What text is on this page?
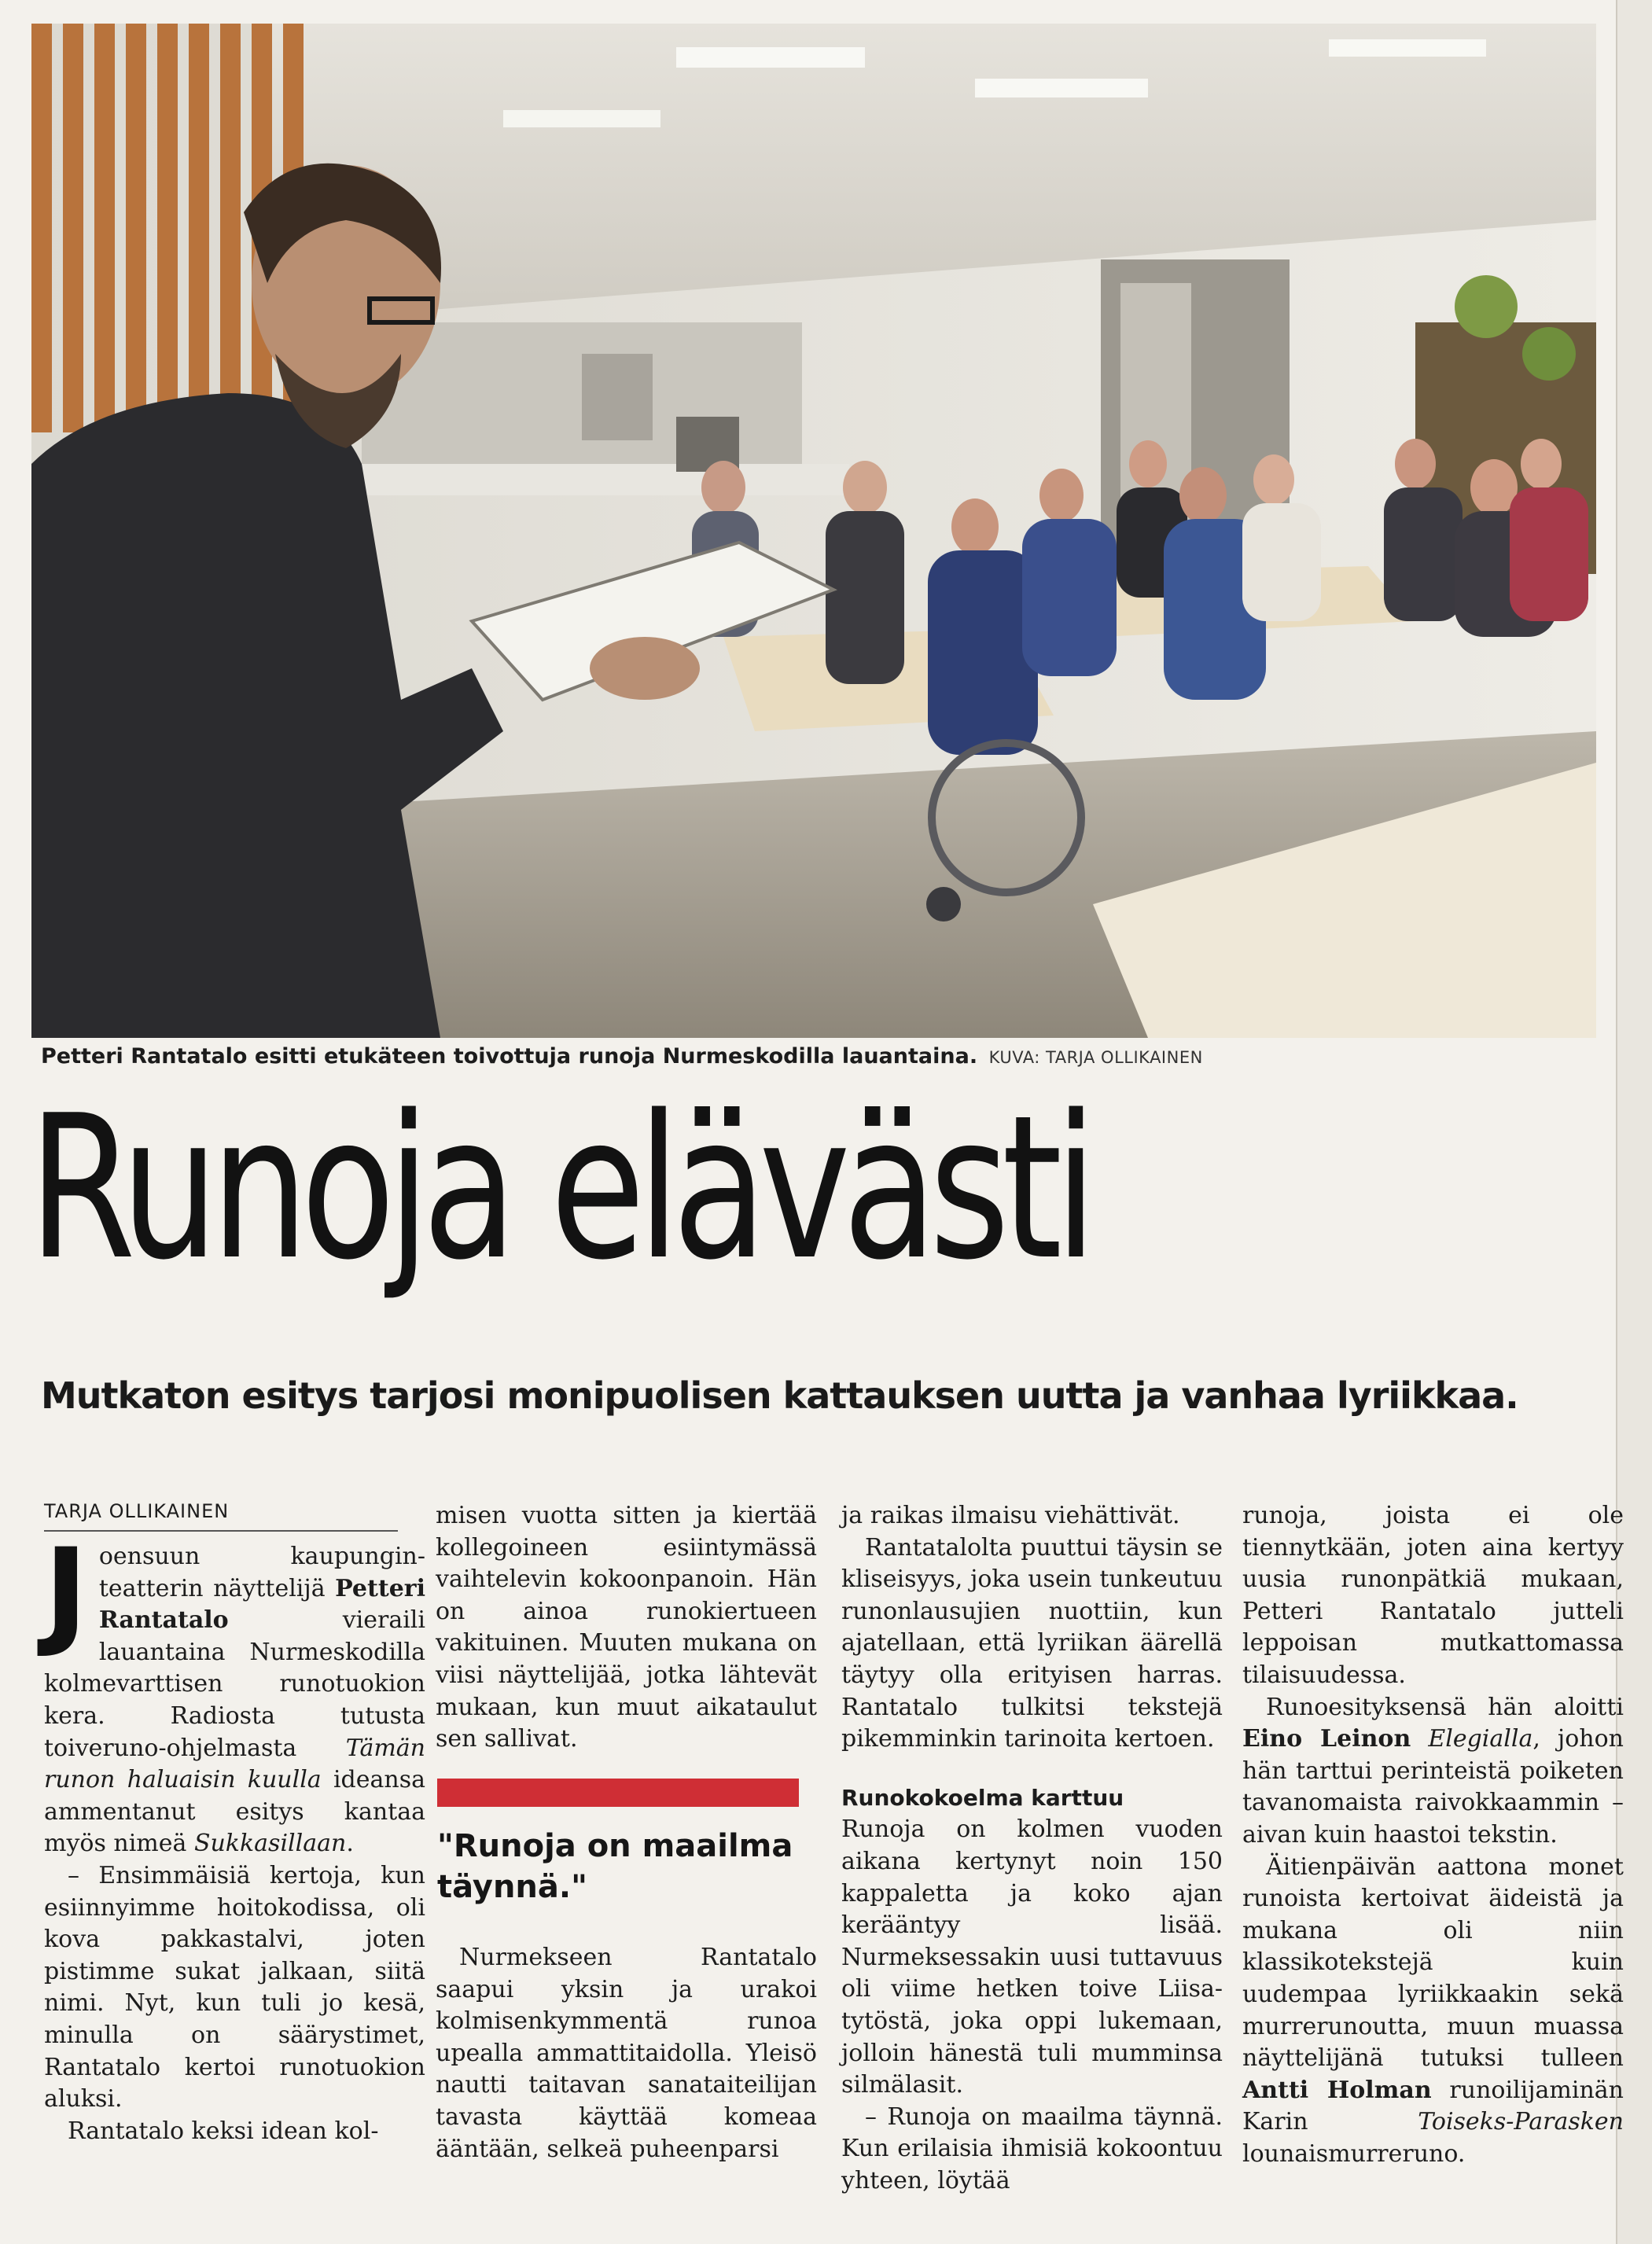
Petteri Rantatalo esitti etukäteen toivottuja runoja Nurmeskodilla lauantaina. KUVA: TARJA OLLIKAINEN
Runoja elävästi
Mutkaton esitys tarjosi monipuolisen kattauksen uutta ja vanhaa lyriikkaa.
TARJA OLLIKAINEN

Joensuun kaupungin-teatterin näyttelijä Petteri Rantatalo vieraili lauantaina Nurmeskodilla kolmevarttisen runotuokion kera. Radiosta tutusta toiveruno-ohjelmasta Tämän runon haluaisin kuulla ideansa ammentanut esitys kantaa myös nimeä Sukkasillaan.

– Ensimmäisiä kertoja, kun esiinnyimme hoitokodissa, oli kova pakkastalvi, joten pistimme sukat jalkaan, siitä nimi. Nyt, kun tuli jo kesä, minulla on säärystimet, Rantatalo kertoi runotuokion aluksi.

Rantatalo keksi idean kol-

misen vuotta sitten ja kiertää kollegoineen esiintymässä vaihtelevin kokoonpanoin. Hän on ainoa runokiertueen vakituinen. Muuten mukana on viisi näyttelijää, jotka lähtevät mukaan, kun muut aikataulut sen sallivat.

"Runoja on maailma täynnä."

Nurmekseen Rantatalo saapui yksin ja urakoi kolmisenkymmentä runoa upealla ammattitaidolla. Yleisö nautti taitavan sanataiteilijan tavasta käyttää komeaa ääntään, selkeä puheenparsi

ja raikas ilmaisu viehättivät.

Rantatalolta puuttui täysin se kliseisyys, joka usein tunkeutuu runonlausujien nuottiin, kun ajatellaan, että lyriikan äärellä täytyy olla erityisen harras. Rantatalo tulkitsi tekstejä pikemminkin tarinoita kertoen.

Runokokoelma karttuu

Runoja on kolmen vuoden aikana kertynyt noin 150 kappaletta ja koko ajan kerääntyy lisää. Nurmeksessakin uusi tuttavuus oli viime hetken toive Liisa-tytöstä, joka oppi lukemaan, jolloin hänestä tuli mumminsa silmälasit.

– Runoja on maailma täynnä. Kun erilaisia ihmisiä kokoontuu yhteen, löytää

runoja, joista ei ole tiennytkään, joten aina kertyy uusia runonpätkiä mukaan, Petteri Rantatalo jutteli leppoisan mutkattomassa tilaisuudessa.

Runoesityksensä hän aloitti Eino Leinon Elegialla, johon hän tarttui perinteistä poiketen tavanomaista raivokkaammin – aivan kuin haastoi tekstin.

Äitienpäivän aattona monet runoista kertoivat äideistä ja mukana oli niin klassikotekstejä kuin uudempaa lyriikkaakin sekä murrerunoutta, muun muassa näyttelijänä tutuksi tulleen Antti Holman runoilijaminän Karin Toiseks-Parasken lounaismurreruno.
